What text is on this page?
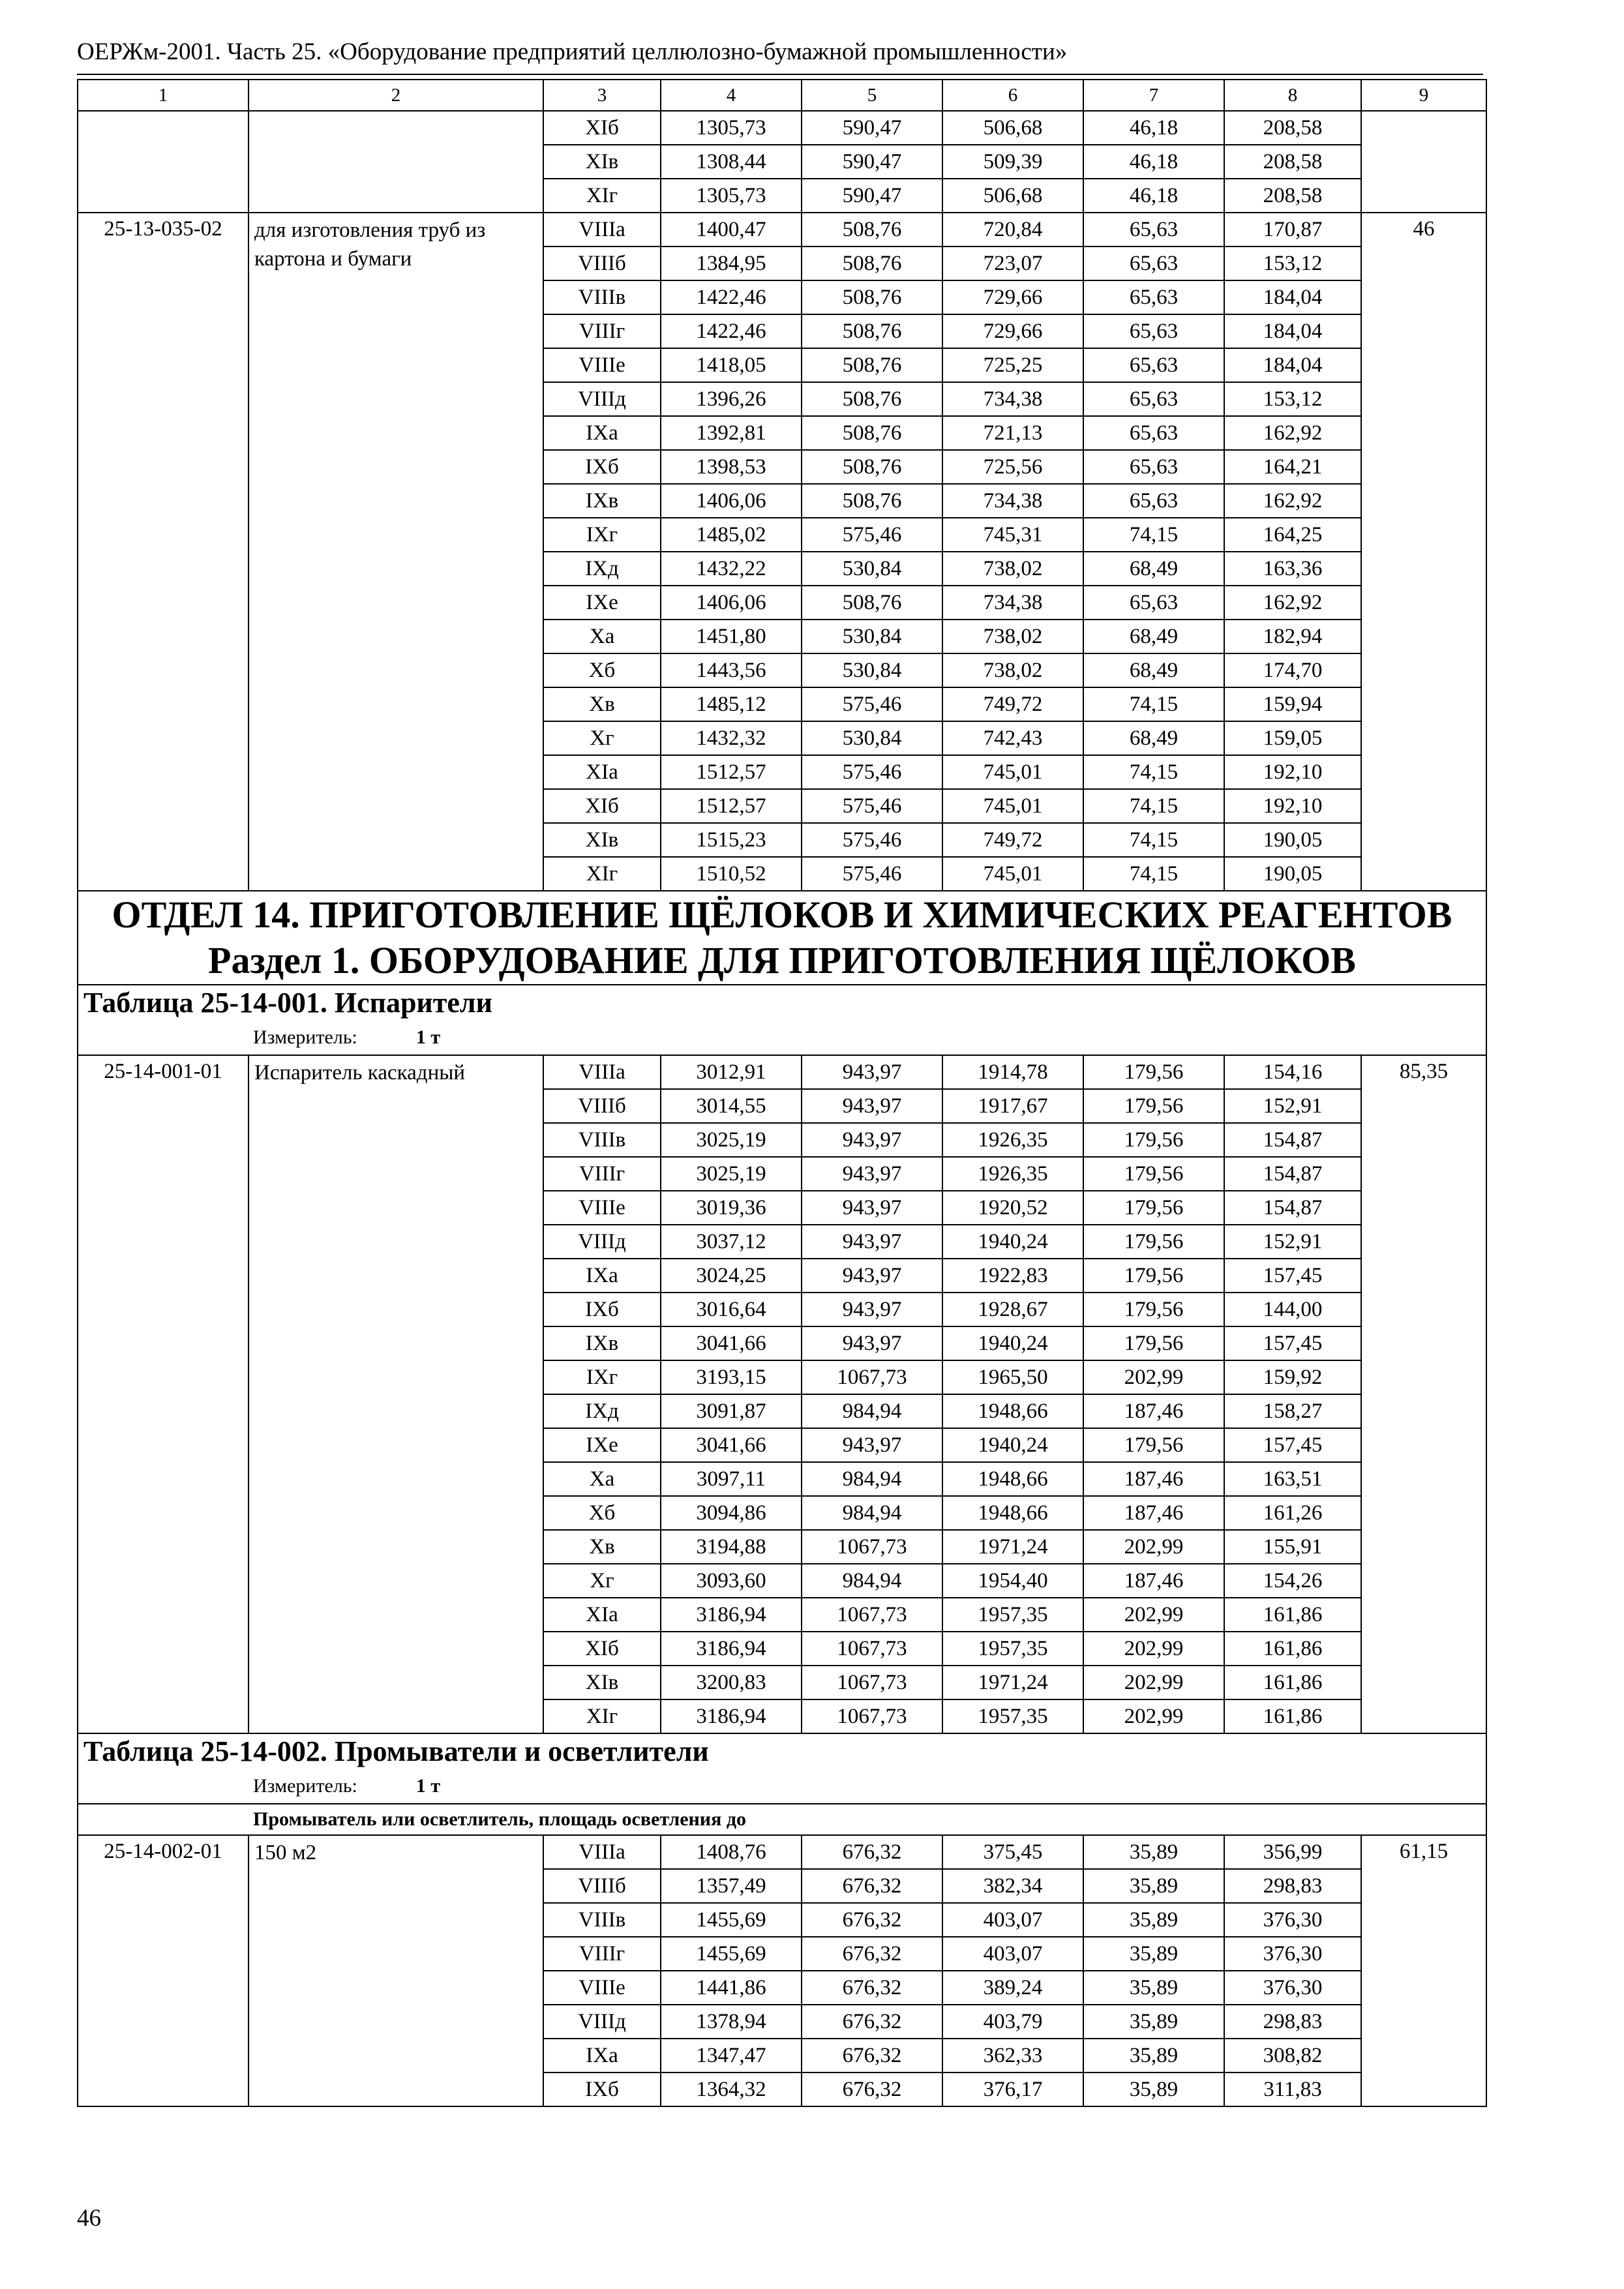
ОЕРЖм-2001. Часть 25. «Оборудование предприятий целлюлозно-бумажной промышленности»
1	2	3	4	5	6	7	8	9
		XIб	1305,73	590,47	506,68	46,18	208,58	
		XIв	1308,44	590,47	509,39	46,18	208,58	
		XIг	1305,73	590,47	506,68	46,18	208,58	
25-13-035-02	для изготовления труб из картона и бумаги	VIIIа	1400,47	508,76	720,84	65,63	170,87	46
		VIIIб	1384,95	508,76	723,07	65,63	153,12	
		VIIIв	1422,46	508,76	729,66	65,63	184,04	
		VIIIг	1422,46	508,76	729,66	65,63	184,04	
		VIIIе	1418,05	508,76	725,25	65,63	184,04	
		VIIIд	1396,26	508,76	734,38	65,63	153,12	
		IXа	1392,81	508,76	721,13	65,63	162,92	
		IXб	1398,53	508,76	725,56	65,63	164,21	
		IXв	1406,06	508,76	734,38	65,63	162,92	
		IXг	1485,02	575,46	745,31	74,15	164,25	
		IXд	1432,22	530,84	738,02	68,49	163,36	
		IXе	1406,06	508,76	734,38	65,63	162,92	
		Xа	1451,80	530,84	738,02	68,49	182,94	
		Xб	1443,56	530,84	738,02	68,49	174,70	
		Xв	1485,12	575,46	749,72	74,15	159,94	
		Xг	1432,32	530,84	742,43	68,49	159,05	
		XIа	1512,57	575,46	745,01	74,15	192,10	
		XIб	1512,57	575,46	745,01	74,15	192,10	
		XIв	1515,23	575,46	749,72	74,15	190,05	
		XIг	1510,52	575,46	745,01	74,15	190,05	

ОТДЕЛ 14. ПРИГОТОВЛЕНИЕ ЩЁЛОКОВ И ХИМИЧЕСКИХ РЕАГЕНТОВ
Раздел 1. ОБОРУДОВАНИЕ ДЛЯ ПРИГОТОВЛЕНИЯ ЩЁЛОКОВ								

Таблица 25-14-001. Испарители								
Измеритель: 1 т								
25-14-001-01	Испаритель каскадный	VIIIа	3012,91	943,97	1914,78	179,56	154,16	85,35
		VIIIб	3014,55	943,97	1917,67	179,56	152,91	
		VIIIв	3025,19	943,97	1926,35	179,56	154,87	
		VIIIг	3025,19	943,97	1926,35	179,56	154,87	
		VIIIе	3019,36	943,97	1920,52	179,56	154,87	
		VIIIд	3037,12	943,97	1940,24	179,56	152,91	
		IXа	3024,25	943,97	1922,83	179,56	157,45	
		IXб	3016,64	943,97	1928,67	179,56	144,00	
		IXв	3041,66	943,97	1940,24	179,56	157,45	
		IXг	3193,15	1067,73	1965,50	202,99	159,92	
		IXд	3091,87	984,94	1948,66	187,46	158,27	
		IXе	3041,66	943,97	1940,24	179,56	157,45	
		Xа	3097,11	984,94	1948,66	187,46	163,51	
		Xб	3094,86	984,94	1948,66	187,46	161,26	
		Xв	3194,88	1067,73	1971,24	202,99	155,91	
		Xг	3093,60	984,94	1954,40	187,46	154,26	
		XIа	3186,94	1067,73	1957,35	202,99	161,86	
		XIб	3186,94	1067,73	1957,35	202,99	161,86	
		XIв	3200,83	1067,73	1971,24	202,99	161,86	
		XIг	3186,94	1067,73	1957,35	202,99	161,86	
Таблица 25-14-002. Промыватели и осветлители								
Измеритель: 1 т								
Промыватель или осветлитель, площадь осветления до								
25-14-002-01	150 м2	VIIIа	1408,76	676,32	375,45	35,89	356,99	61,15
		VIIIб	1357,49	676,32	382,34	35,89	298,83	
		VIIIв	1455,69	676,32	403,07	35,89	376,30	
		VIIIг	1455,69	676,32	403,07	35,89	376,30	
		VIIIе	1441,86	676,32	389,24	35,89	376,30	
		VIIIд	1378,94	676,32	403,79	35,89	298,83	
		IXа	1347,47	676,32	362,33	35,89	308,82	
		IXб	1364,32	676,32	376,17	35,89	311,83	
46
